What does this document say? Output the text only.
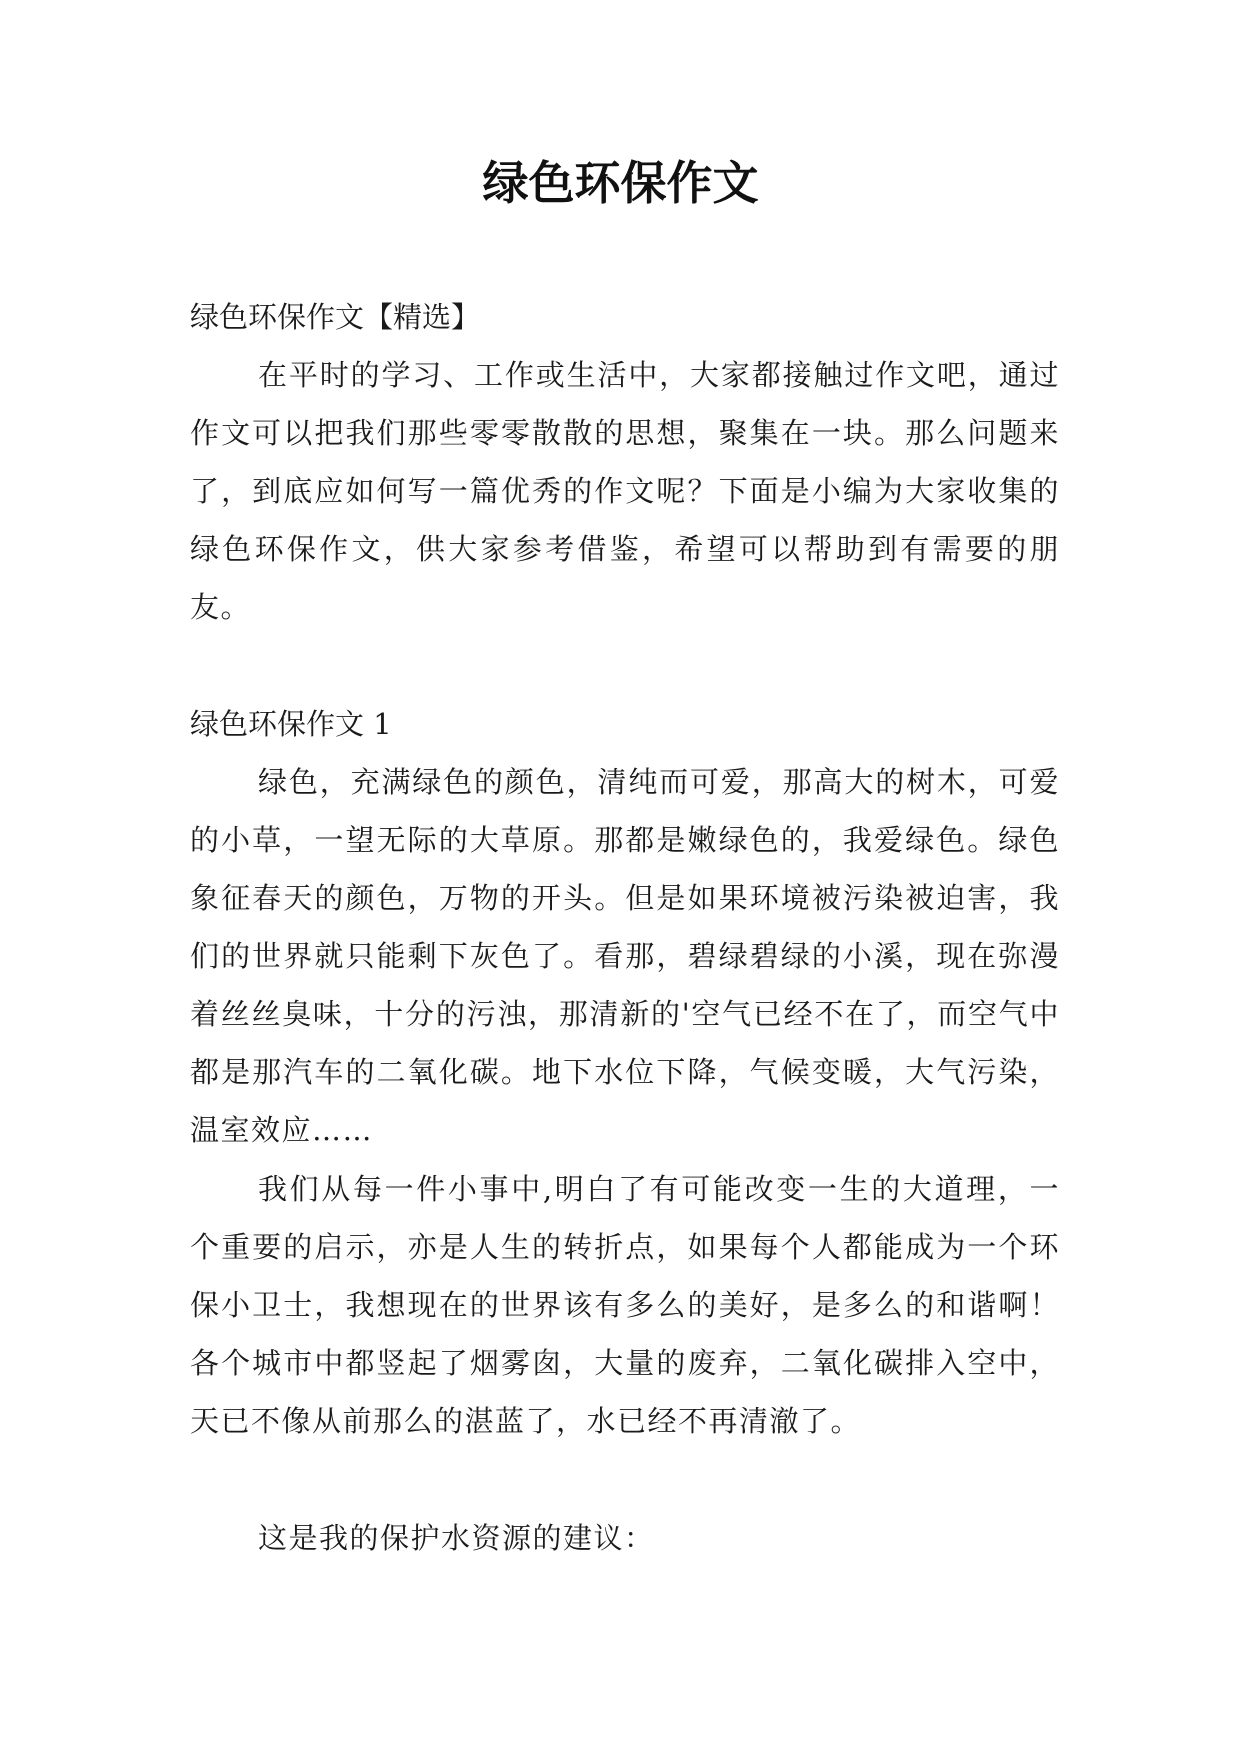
绿色环保作文

绿色环保作文【精选】

在平时的学习、工作或生活中，大家都接触过作文吧，通过作文可以把我们那些零零散散的思想，聚集在一块。那么问题来了，到底应如何写一篇优秀的作文呢？下面是小编为大家收集的绿色环保作文，供大家参考借鉴，希望可以帮助到有需要的朋友。

绿色环保作文 1

绿色，充满绿色的颜色，清纯而可爱，那高大的树木，可爱的小草，一望无际的大草原。那都是嫩绿色的，我爱绿色。绿色象征春天的颜色，万物的开头。但是如果环境被污染被迫害，我们的世界就只能剩下灰色了。看那，碧绿碧绿的小溪，现在弥漫着丝丝臭味，十分的污浊，那清新的'空气已经不在了，而空气中都是那汽车的二氧化碳。地下水位下降，气候变暖，大气污染，温室效应……

我们从每一件小事中,明白了有可能改变一生的大道理，一个重要的启示，亦是人生的转折点，如果每个人都能成为一个环保小卫士，我想现在的世界该有多么的美好，是多么的和谐啊！各个城市中都竖起了烟雾囱，大量的废弃，二氧化碳排入空中，天已不像从前那么的湛蓝了，水已经不再清澈了。

这是我的保护水资源的建议：
